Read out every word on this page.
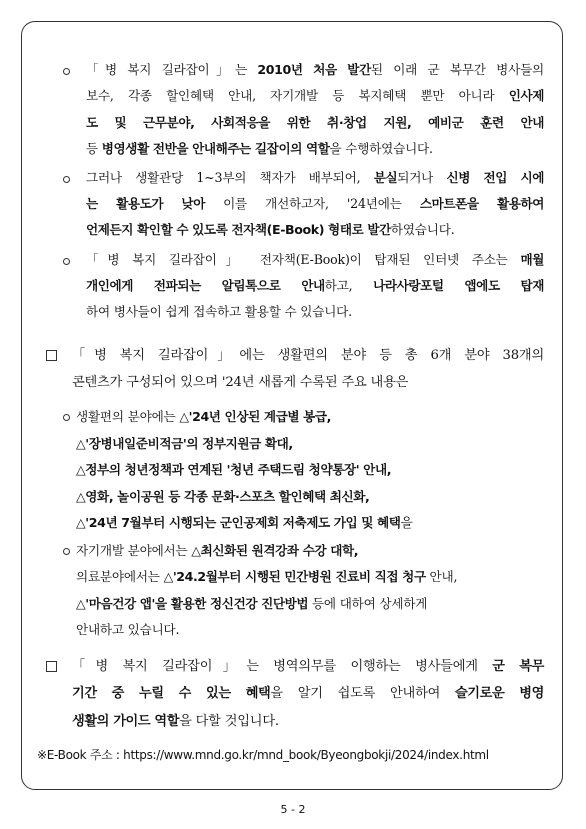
「병 복지 길라잡이」는 2010년 처음 발간된 이래 군 복무간 병사들의
보수, 각종 할인혜택 안내, 자기개발 등 복지혜택 뿐만 아니라 인사제
도 및 근무분야, 사회적응을 위한 취·창업 지원, 예비군 훈련 안내
등 병영생활 전반을 안내해주는 길잡이의 역할을 수행하였습니다.
그러나 생활관당 1~3부의 책자가 배부되어, 분실되거나 신병 전입 시에
는 활용도가 낮아 이를 개선하고자, '24년에는 스마트폰을 활용하여
언제든지 확인할 수 있도록 전자책(E-Book) 형태로 발간하였습니다.
「병 복지 길라잡이」 전자책(E-Book)이 탑재된 인터넷 주소는 매월
개인에게 전파되는 알림톡으로 안내하고, 나라사랑포털 앱에도 탑재
하여 병사들이 쉽게 접속하고 활용할 수 있습니다.
「병 복지 길라잡이」에는 생활편의 분야 등 총 6개 분야 38개의
콘텐츠가 구성되어 있으며 '24년 새롭게 수록된 주요 내용은
생활편의 분야에는 △'24년 인상된 계급별 봉급,
△'장병내일준비적금'의 정부지원금 확대,
△정부의 청년정책과 연계된 '청년 주택드림 청약통장' 안내,
△영화, 놀이공원 등 각종 문화·스포츠 할인혜택 최신화,
△'24년 7월부터 시행되는 군인공제회 저축제도 가입 및 혜택을
자기개발 분야에서는 △최신화된 원격강좌 수강 대학,
의료분야에서는 △'24.2월부터 시행된 민간병원 진료비 직접 청구 안내,
△'마음건강 앱'을 활용한 정신건강 진단방법 등에 대하여 상세하게
안내하고 있습니다.
「병 복지 길라잡이」는 병역의무를 이행하는 병사들에게 군 복무
기간 중 누릴 수 있는 혜택을 알기 쉽도록 안내하여 슬기로운 병영
생활의 가이드 역할을 다할 것입니다.
※E-Book 주소 : https://www.mnd.go.kr/mnd_book/Byeongbokji/2024/index.html
5 - 2
